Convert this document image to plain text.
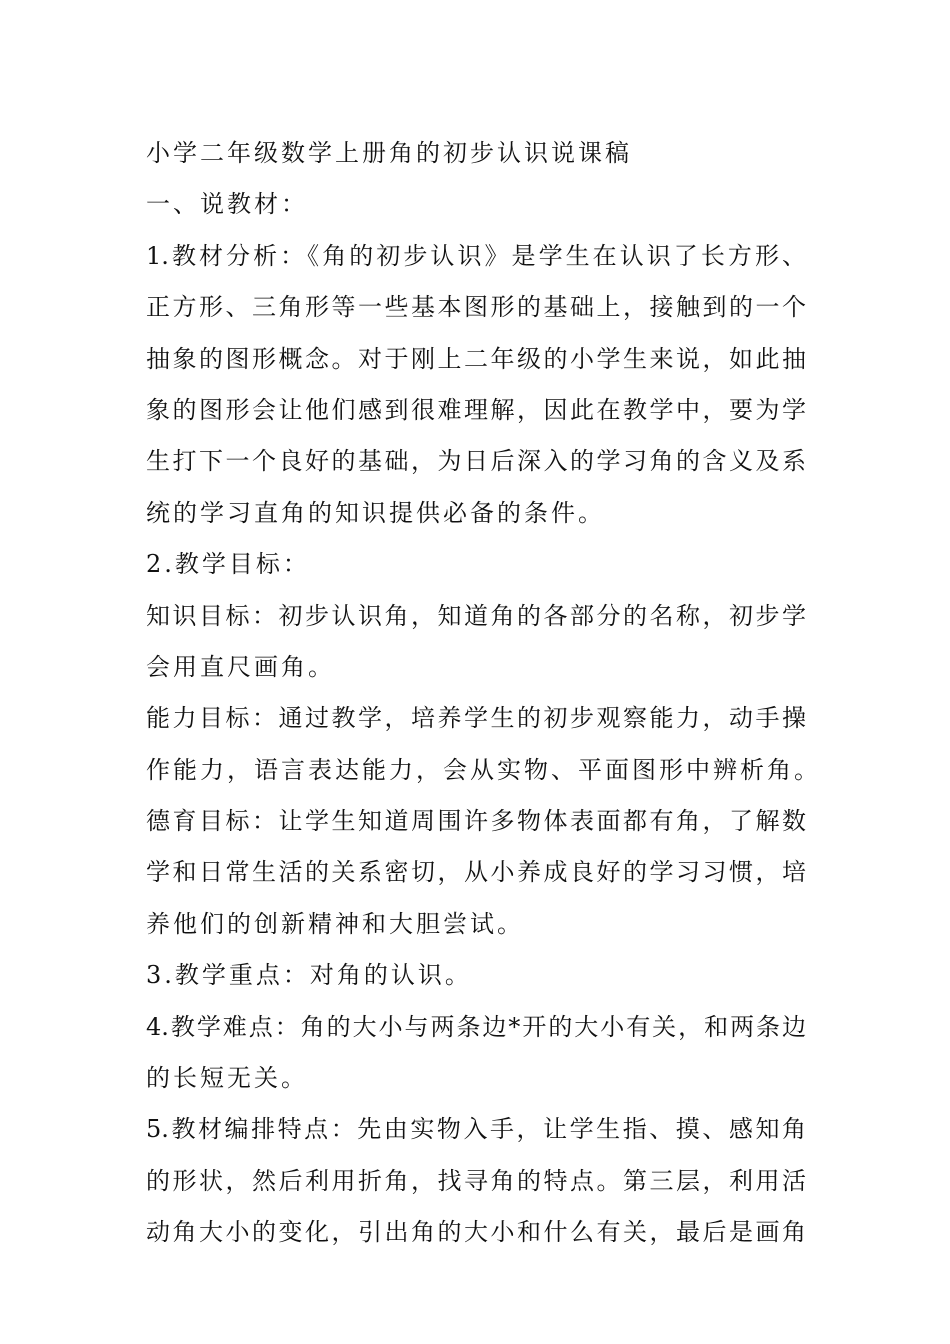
小学二年级数学上册角的初步认识说课稿
一、说教材：
1.教材分析：《角的初步认识》是学生在认识了长方形、
正方形、三角形等一些基本图形的基础上，接触到的一个
抽象的图形概念。对于刚上二年级的小学生来说，如此抽
象的图形会让他们感到很难理解，因此在教学中，要为学
生打下一个良好的基础，为日后深入的学习角的含义及系
统的学习直角的知识提供必备的条件。
2.教学目标：
知识目标：初步认识角，知道角的各部分的名称，初步学
会用直尺画角。
能力目标：通过教学，培养学生的初步观察能力，动手操
作能力，语言表达能力，会从实物、平面图形中辨析角。
德育目标：让学生知道周围许多物体表面都有角，了解数
学和日常生活的关系密切，从小养成良好的学习习惯，培
养他们的创新精神和大胆尝试。
3.教学重点：对角的认识。
4.教学难点：角的大小与两条边*开的大小有关，和两条边
的长短无关。
5.教材编排特点：先由实物入手，让学生指、摸、感知角
的形状，然后利用折角，找寻角的特点。第三层，利用活
动角大小的变化，引出角的大小和什么有关，最后是画角
